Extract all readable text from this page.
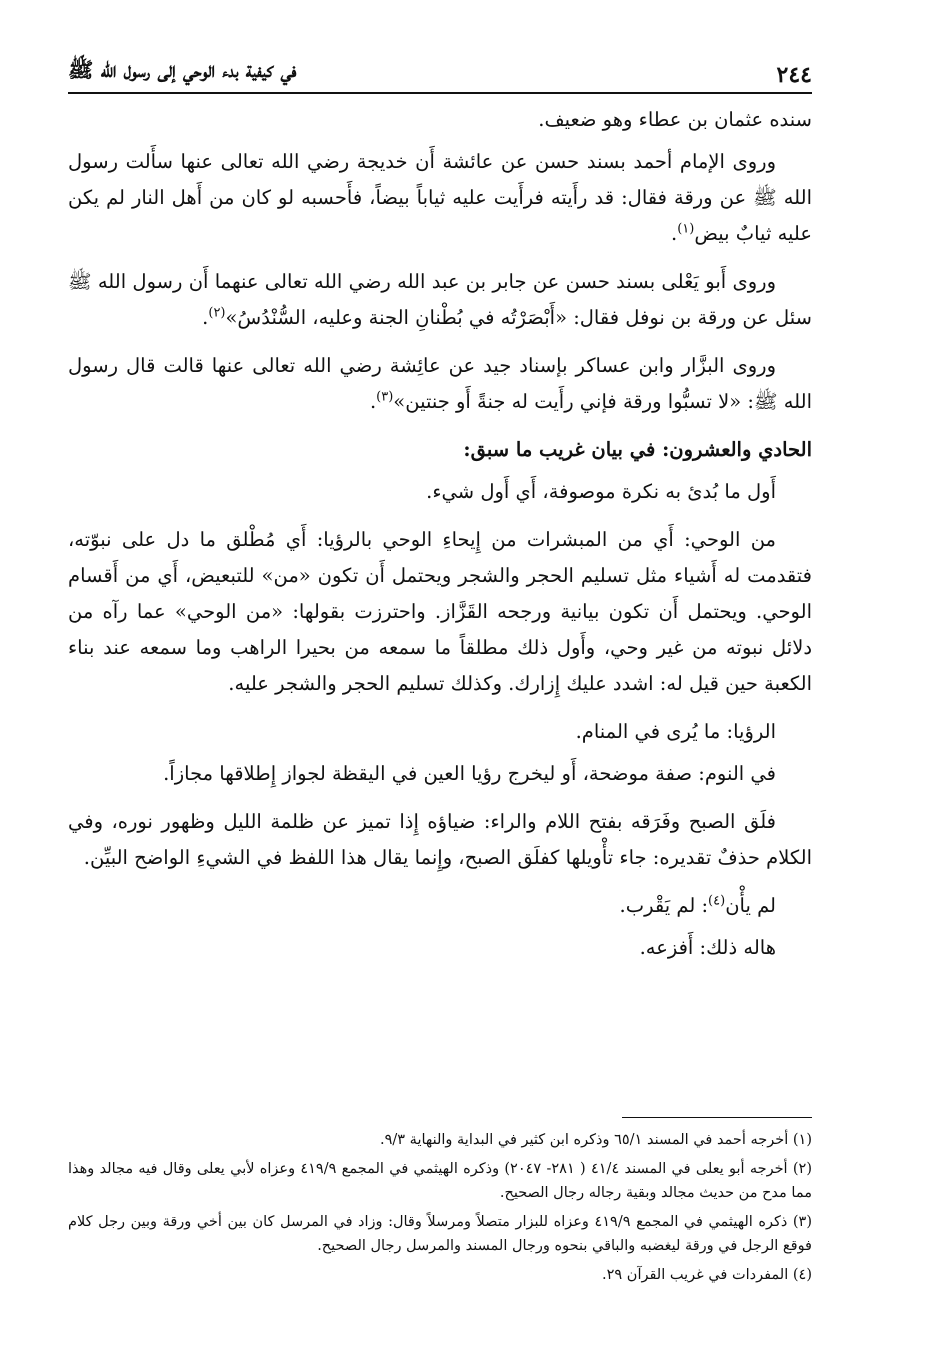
٢٤٤
في كيفية بدء الوحي إلى رسول الله ﷺ

سنده عثمان بن عطاء وهو ضعيف.

وروى الإمام أحمد بسند حسن عن عائشة أَن خديجة رضي الله تعالى عنها سأَلت رسول الله ﷺ عن ورقة فقال: قد رأَيته فرأَيت عليه ثياباً بيضاً، فأَحسبه لو كان من أَهل النار لم يكن عليه ثيابٌ بيض$^{(١)}$.

وروى أَبو يَعْلى بسند حسن عن جابر بن عبد الله رضي الله تعالى عنهما أَن رسول الله ﷺ سئل عن ورقة بن نوفل فقال: «أَبْصَرْتُه في بُطْنانِ الجنة وعليه، السُّنْدُسُ»$^{(٢)}$.

وروى البزَّار وابن عساكر بإسناد جيد عن عائِشة رضي الله تعالى عنها قالت قال رسول الله ﷺ: «لا تسبُّوا ورقة فإني رأَيت له جنةً أَو جنتين»$^{(٣)}$.

الحادي والعشرون: في بيان غريب ما سبق:

أَول ما بُدئ به نكرة موصوفة، أَي أَول شيء.

من الوحي: أَي من المبشرات من إِيحاءِ الوحي بالرؤيا: أَي مُطْلق ما دل على نبوّته، فتقدمت له أَشياء مثل تسليم الحجر والشجر ويحتمل أَن تكون «من» للتبعيض، أَي من أَقسام الوحي. ويحتمل أَن تكون بيانية ورجحه القَزَّاز. واحترزت بقولها: «من الوحي» عما رآه من دلائل نبوته من غير وحي، وأَول ذلك مطلقاً ما سمعه من بحيرا الراهب وما سمعه عند بناء الكعبة حين قيل له: اشدد عليك إِزارك. وكذلك تسليم الحجر والشجر عليه.

الرؤيا: ما يُرى في المنام.

في النوم: صفة موضحة، أَو ليخرج رؤيا العين في اليقظة لجواز إِطلاقها مجازاً.

فلَق الصبح وفَرَقه بفتح اللام والراء: ضياؤه إِذا تميز عن ظلمة الليل وظهور نوره، وفي الكلام حذفٌ تقديره: جاء تأْويلها كفلَق الصبح، وإِنما يقال هذا اللفظ في الشيءِ الواضح البيِّن.

لم يأْن$^{(٤)}$: لم يَقْرب.

هاله ذلك: أَفزعه.

(١) أخرجه أحمد في المسند ٦٥/١ وذكره ابن كثير في البداية والنهاية ٩/٣.

(٢) أخرجه أبو يعلى في المسند ٤١/٤ ( ٢٨١- ٢٠٤٧) وذكره الهيثمي في المجمع ٤١٩/٩ وعزاه لأبي يعلى وقال فيه مجالد وهذا مما مدح من حديث مجالد وبقية رجاله رجال الصحيح.

(٣) ذكره الهيثمي في المجمع ٤١٩/٩ وعزاه للبزار متصلاً ومرسلاً وقال: وزاد في المرسل كان بين أخي ورقة وبين رجل كلام فوقع الرجل في ورقة ليغضبه والباقي بنحوه ورجال المسند والمرسل رجال الصحيح.

(٤) المفردات في غريب القرآن ٢٩.
